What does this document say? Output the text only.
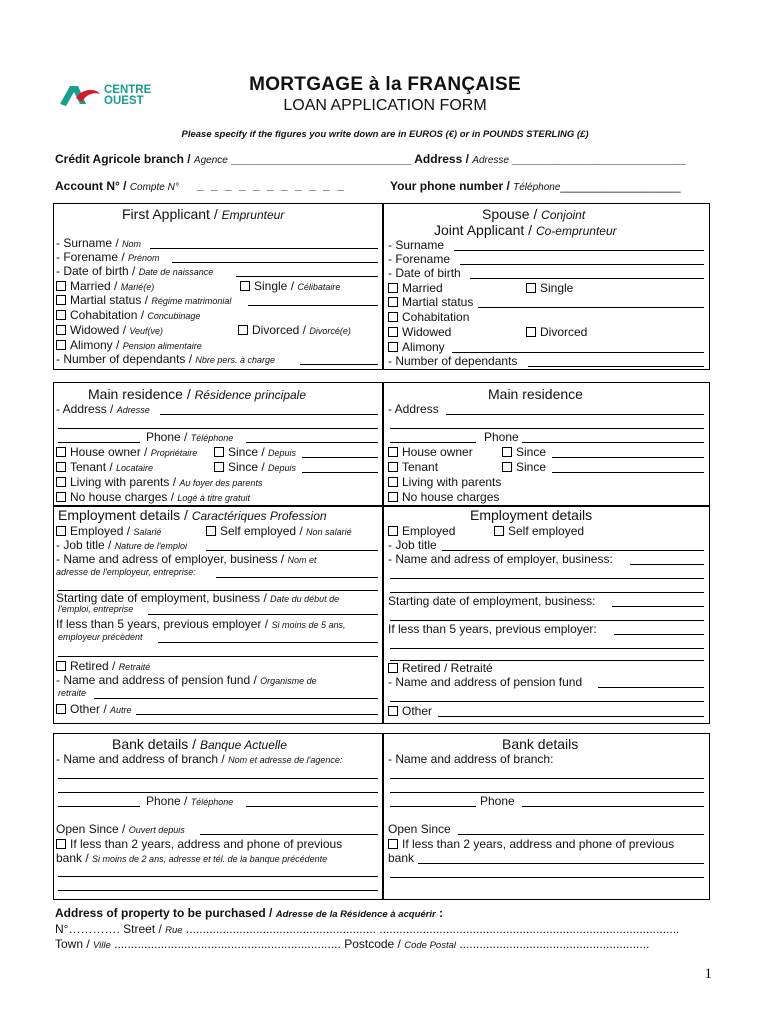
CENTRE
OUEST
MORTGAGE à la FRANÇAISE
LOAN APPLICATION FORM
Please specify if the figures you write down are in EUROS (€) or in POUNDS STERLING (£)
Crédit Agricole branch / Agence ___________________________ Address / Adresse __________________________
Account N° / Compte N° _ _ _ _ _ _ _ _ _ _ _	Your phone number / Téléphone__________________
First Applicant / Emprunteur
- Surname / Nom
- Forename / Prénom
- Date of birth / Date de naissance
Married / Marié(e)	Single / Célibataire
Martial status / Régime matrimonial
Cohabitation / Concubinage
Widowed / Veuf(ve)	Divorced / Divorcé(e)
Alimony / Pension alimentaire
- Number of dependants / Nbre pers. à charge
Spouse / Conjoint
Joint Applicant / Co-emprunteur
- Surname
- Forename
- Date of birth
Married	Single
Martial status
Cohabitation
Widowed	Divorced
Alimony
- Number of dependants
Main residence / Résidence principale
- Address / Adresse
Phone / Téléphone
House owner / Propriétaire	Since / Depuis
Tenant / Locataire	Since / Depuis
Living with parents / Au foyer des parents
No house charges / Logé à titre gratuit
Main residence
- Address
Phone
House owner	Since
Tenant	Since
Living with parents
No house charges
Employment details / Caractériques Profession
Employed / Salarié	Self employed / Non salarié
- Job title / Nature de l'emploi
- Name and adress of employer, business / Nom et
adresse de l'employeur, entreprise:
Starting date of employment, business / Date du début de
l'emploi, entreprise
If less than 5 years, previous employer / Si moins de 5 ans,
employeur précèdent
Retired / Retraité
- Name and address of pension fund / Organisme de
retraite
Other / Autre
Employment details
Employed	Self employed
- Job title
- Name and adress of employer, business:
Starting date of employment, business:
If less than 5 years, previous employer:
Retired / Retraité
- Name and address of pension fund
Other
Bank details / Banque Actuelle
- Name and address of branch / Nom et adresse de l'agence:
Phone / Téléphone
Open Since / Ouvert depuis
If less than 2 years, address and phone of previous
bank / Si moins de 2 ans, adresse et tél. de la banque précédente
Bank details
- Name and address of branch:
Phone
Open Since
If less than 2 years, address and phone of previous
bank
Address of property to be purchased / Adresse de la Résidence à acquérir :
N°…………. Street / Rue ......................................................... ..........................................................................................
Town / Ville .................................................................... Postcode / Code Postal .........................................................
1
